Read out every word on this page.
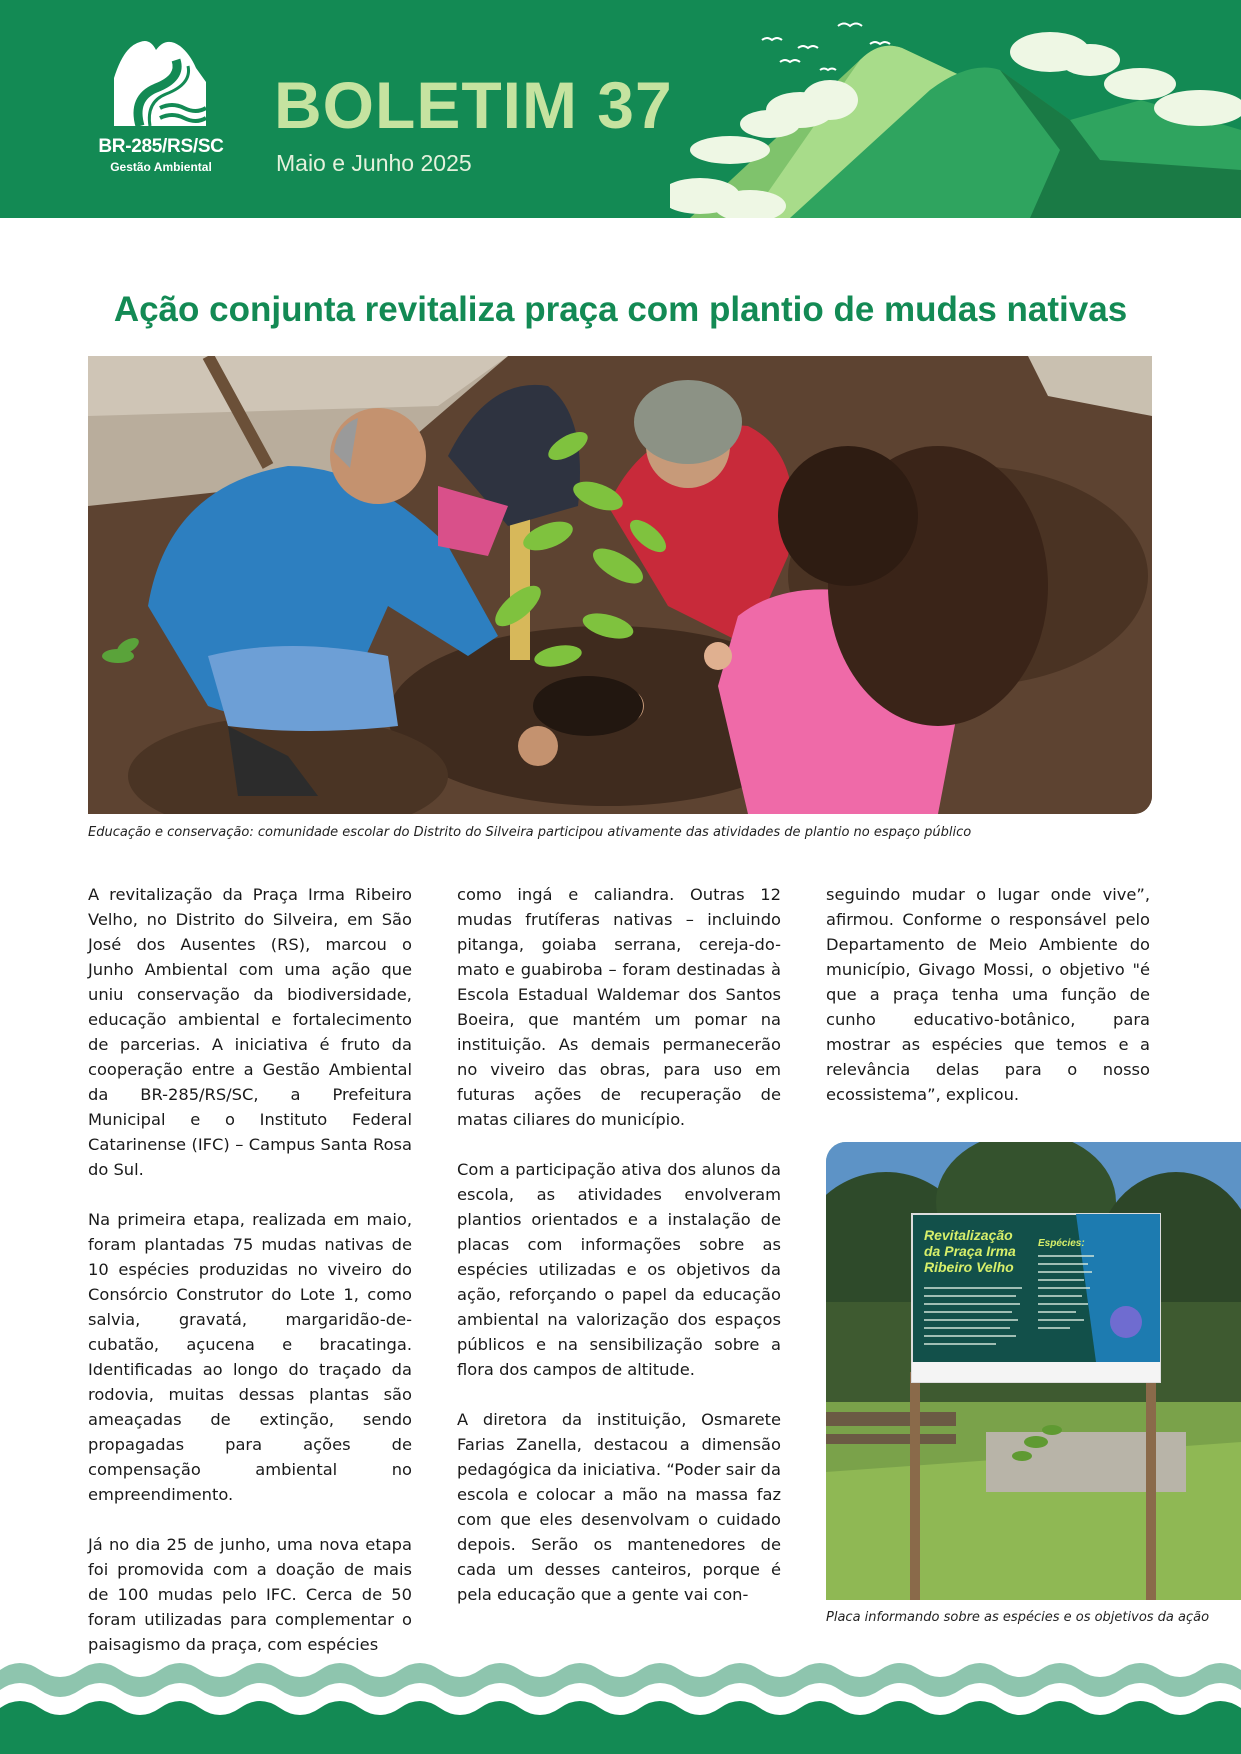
BR-285/RS/SC
Gestão Ambiental
BOLETIM 37
Maio e Junho 2025
Ação conjunta revitaliza praça com plantio de mudas nativas
Educação e conservação: comunidade escolar do Distrito do Silveira participou ativamente das atividades de plantio no espaço público

A revitalização da Praça Irma Ribeiro Velho, no Distrito do Silveira, em São José dos Ausentes (RS), marcou o Junho Ambiental com uma ação que uniu conservação da biodiversidade, educação ambiental e fortalecimento de parcerias. A iniciativa é fruto da cooperação entre a Gestão Ambiental da BR-285/RS/SC, a Prefeitura Municipal e o Instituto Federal Catarinense (IFC) – Campus Santa Rosa do Sul.

Na primeira etapa, realizada em maio, foram plantadas 75 mudas nativas de 10 espécies produzidas no viveiro do Consórcio Construtor do Lote 1, como salvia, gravatá, margaridão-de-cubatão, açucena e bracatinga. Identificadas ao longo do traçado da rodovia, muitas dessas plantas são ameaçadas de extinção, sendo propagadas para ações de compensação ambiental no empreendimento.

Já no dia 25 de junho, uma nova etapa foi promovida com a doação de mais de 100 mudas pelo IFC. Cerca de 50 foram utilizadas para complementar o paisagismo da praça, com espécies

como ingá e caliandra. Outras 12 mudas frutíferas nativas – incluindo pitanga, goiaba serrana, cereja-do-mato e guabiroba – foram destinadas à Escola Estadual Waldemar dos Santos Boeira, que mantém um pomar na instituição. As demais permanecerão no viveiro das obras, para uso em futuras ações de recuperação de matas ciliares do município.

Com a participação ativa dos alunos da escola, as atividades envolveram plantios orientados e a instalação de placas com informações sobre as espécies utilizadas e os objetivos da ação, reforçando o papel da educação ambiental na valorização dos espaços públicos e na sensibilização sobre a flora dos campos de altitude.

A diretora da instituição, Osmarete Farias Zanella, destacou a dimensão pedagógica da iniciativa. “Poder sair da escola e colocar a mão na massa faz com que eles desenvolvam o cuidado depois. Serão os mantenedores de cada um desses canteiros, porque é pela educação que a gente vai con-

seguindo mudar o lugar onde vive”, afirmou. Conforme o responsável pelo Departamento de Meio Ambiente do município, Givago Mossi, o objetivo "é que a praça tenha uma função de cunho educativo-botânico, para mostrar as espécies que temos e a relevância delas para o nosso ecossistema”, explicou.

Revitalização
da Praça Irma
Ribeiro Velho
Espécies:
Placa informando sobre as espécies e os objetivos da ação
